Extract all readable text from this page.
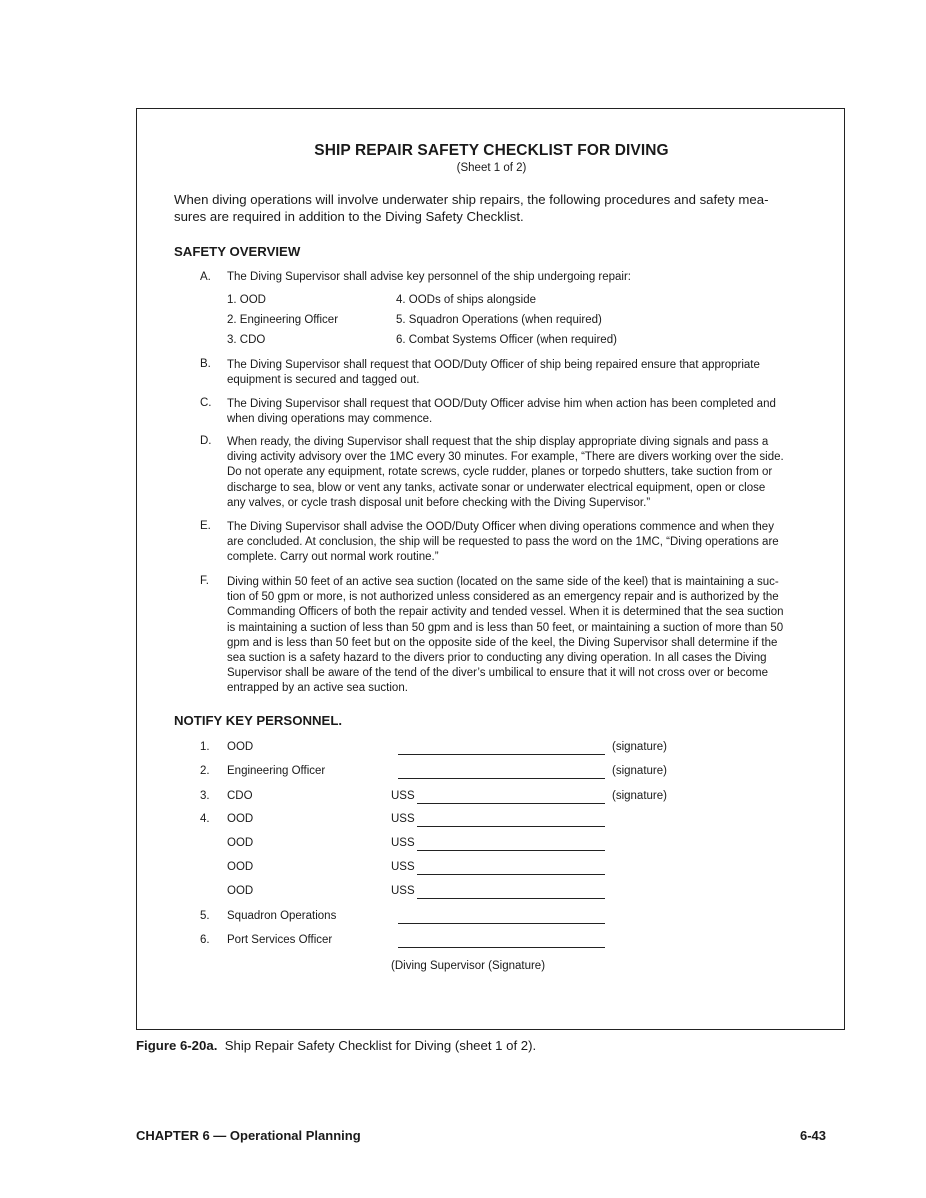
SHIP REPAIR SAFETY CHECKLIST FOR DIVING
(Sheet 1 of 2)
When diving operations will involve underwater ship repairs, the following procedures and safety mea-
sures are required in addition to the Diving Safety Checklist.
SAFETY OVERVIEW
A. The Diving Supervisor shall advise key personnel of the ship undergoing repair:
1. OOD	4. OODs of ships alongside
2. Engineering Officer	5. Squadron Operations (when required)
3. CDO	6. Combat Systems Officer (when required)
B. The Diving Supervisor shall request that OOD/Duty Officer of ship being repaired ensure that appropriate
equipment is secured and tagged out.
C. The Diving Supervisor shall request that OOD/Duty Officer advise him when action has been completed and
when diving operations may commence.
D. When ready, the diving Supervisor shall request that the ship display appropriate diving signals and pass a
diving activity advisory over the 1MC every 30 minutes. For example, “There are divers working over the side.
Do not operate any equipment, rotate screws, cycle rudder, planes or torpedo shutters, take suction from or
discharge to sea, blow or vent any tanks, activate sonar or underwater electrical equipment, open or close
any valves, or cycle trash disposal unit before checking with the Diving Supervisor.”
E. The Diving Supervisor shall advise the OOD/Duty Officer when diving operations commence and when they
are concluded. At conclusion, the ship will be requested to pass the word on the 1MC, “Diving operations are
complete. Carry out normal work routine.”
F. Diving within 50 feet of an active sea suction (located on the same side of the keel) that is maintaining a suc-
tion of 50 gpm or more, is not authorized unless considered as an emergency repair and is authorized by the
Commanding Officers of both the repair activity and tended vessel. When it is determined that the sea suction
is maintaining a suction of less than 50 gpm and is less than 50 feet, or maintaining a suction of more than 50
gpm and is less than 50 feet but on the opposite side of the keel, the Diving Supervisor shall determine if the
sea suction is a safety hazard to the divers prior to conducting any diving operation. In all cases the Diving
Supervisor shall be aware of the tend of the diver’s umbilical to ensure that it will not cross over or become
entrapped by an active sea suction.
NOTIFY KEY PERSONNEL.
1. OOD	(signature)
2. Engineering Officer	(signature)
3. CDO	USS	(signature)
4. OOD	USS
OOD	USS
OOD	USS
OOD	USS
5. Squadron Operations
6. Port Services Officer
(Diving Supervisor (Signature)
Figure 6-20a. Ship Repair Safety Checklist for Diving (sheet 1 of 2).
CHAPTER 6 — Operational Planning	6-43
